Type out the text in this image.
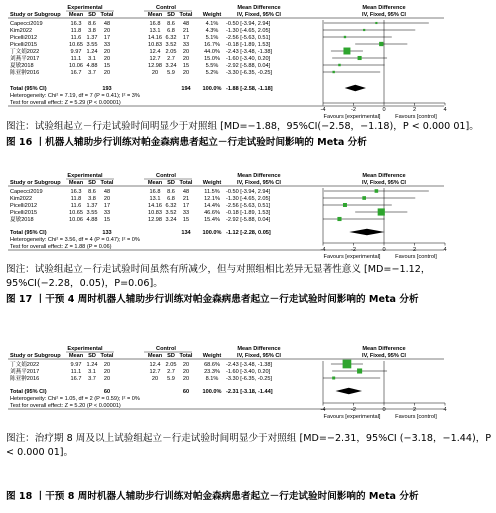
Experimental	Control	Mean Difference	Mean Difference
Study or Subgroup Mean SD Total	Mean SD Total Weight	IV, Fixed, 95% CI	IV, Fixed, 95% CI
Capecci2019	16.3 8.6 48	16.8 8.6 48	4.1% -0.50 [-3.94, 2.94]
Kim2022	11.8 3.8 20	13.1 6.8 21	4.3% -1.30 [-4.65, 2.05]
Picelli2012	11.6 1.37 17	14.16 6.32 17	5.1% -2.56 [-5.63, 0.51]
Picelli2015	10.65 3.55 33	10.83 3.52 33	16.7% -0.18 [-1.89, 1.53]
丁文娟2022	9.97 1.24 20	12.4 2.05 20	44.0% -2.43 [-3.48, -1.38]
刘燕平2017	11.1 3.1 20	12.7 2.7 20	15.0% -1.60 [-3.40, 0.20]
夏敏2018	10.06 4.88 15	12.98 3.24 15	5.5% -2.92 [-5.88, 0.04]
陈亚翀2016	16.7 3.7 20	20 5.9 20	5.2% -3.30 [-6.35, -0.25]
Total (95% CI)	193	194 100.0% -1.88 [-2.58, -1.18]
Heterogeneity: Chi² = 7.19, df = 7 (P = 0.41); I² = 3%
Test for overall effect: Z = 5.29 (P < 0.00001)
-4	-2	0	2	4
Favours [experimental]	Favours [control]
图注：试验组起立－行走试验时间明显少于对照组 [MD=−1.88，95%CI(−2.58，−1.18)，P < 0.000 01]。
图 16 丨机器人辅助步行训练对帕金森病患者起立－行走试验时间影响的 Meta 分析
Experimental	Control	Mean Difference	Mean Difference
Study or Subgroup Mean SD Total	Mean SD Total Weight	IV, Fixed, 95% CI	IV, Fixed, 95% CI
Capecci2019	16.3 8.6 48	16.8 8.6 48	11.5% -0.50 [-3.94, 2.94]
Kim2022	11.8 3.8 20	13.1 6.8 21	12.1% -1.30 [-4.65, 2.05]
Picelli2012	11.6 1.37 17	14.16 6.32 17	14.4% -2.56 [-5.63, 0.51]
Picelli2015	10.65 3.55 33	10.83 3.52 33	46.6% -0.18 [-1.89, 1.53]
夏敏2018	10.06 4.88 15	12.98 3.24 15	15.4% -2.92 [-5.88, 0.04]
Total (95% CI)	133	134 100.0% -1.12 [-2.28, 0.05]
Heterogeneity: Chi² = 3.56, df = 4 (P = 0.47); I² = 0%
Test for overall effect: Z = 1.88 (P = 0.06)	-4	-2	0	2	4
Favours [experimental]	Favours [control]
图注：试验组起立－行走试验时间虽然有所减少，但与对照组相比差异无显著性意义 [MD=−1.12，95%CI(−2.28，0.05)，P=0.06]。
图 17 丨干预 4 周时机器人辅助步行训练对帕金森病患者起立－行走试验时间影响的 Meta 分析
Experimental	Control	Mean Difference	Mean Difference
Study or Subgroup Mean SD Total	Mean SD Total Weight	IV, Fixed, 95% CI	IV, Fixed, 95% CI
丁文娟2022	9.97 1.24 20	12.4 2.05 20	68.6% -2.43 [-3.48, -1.38]
刘燕平2017	11.1 3.1 20	12.7 2.7 20	23.3% -1.60 [-3.40, 0.20]
陈亚翀2016	16.7 3.7 20	20 5.9 20	8.1% -3.30 [-6.35, -0.25]
Total (95% CI)	60	60 100.0% -2.31 [-3.18, -1.44]
Heterogeneity: Chi² = 1.05, df = 2 (P = 0.59); I² = 0%
Test for overall effect: Z = 5.20 (P < 0.00001)
-4	-2	0	2	4
Favours [experimental]	Favours [control]
图注：治疗期 8 周及以上试验组起立－行走试验时间明显少于对照组 [MD=−2.31，95%CI (−3.18，−1.44)，P < 0.000 01]。
图 18 丨干预 8 周时机器人辅助步行训练对帕金森病患者起立－行走试验时间影响的 Meta 分析
